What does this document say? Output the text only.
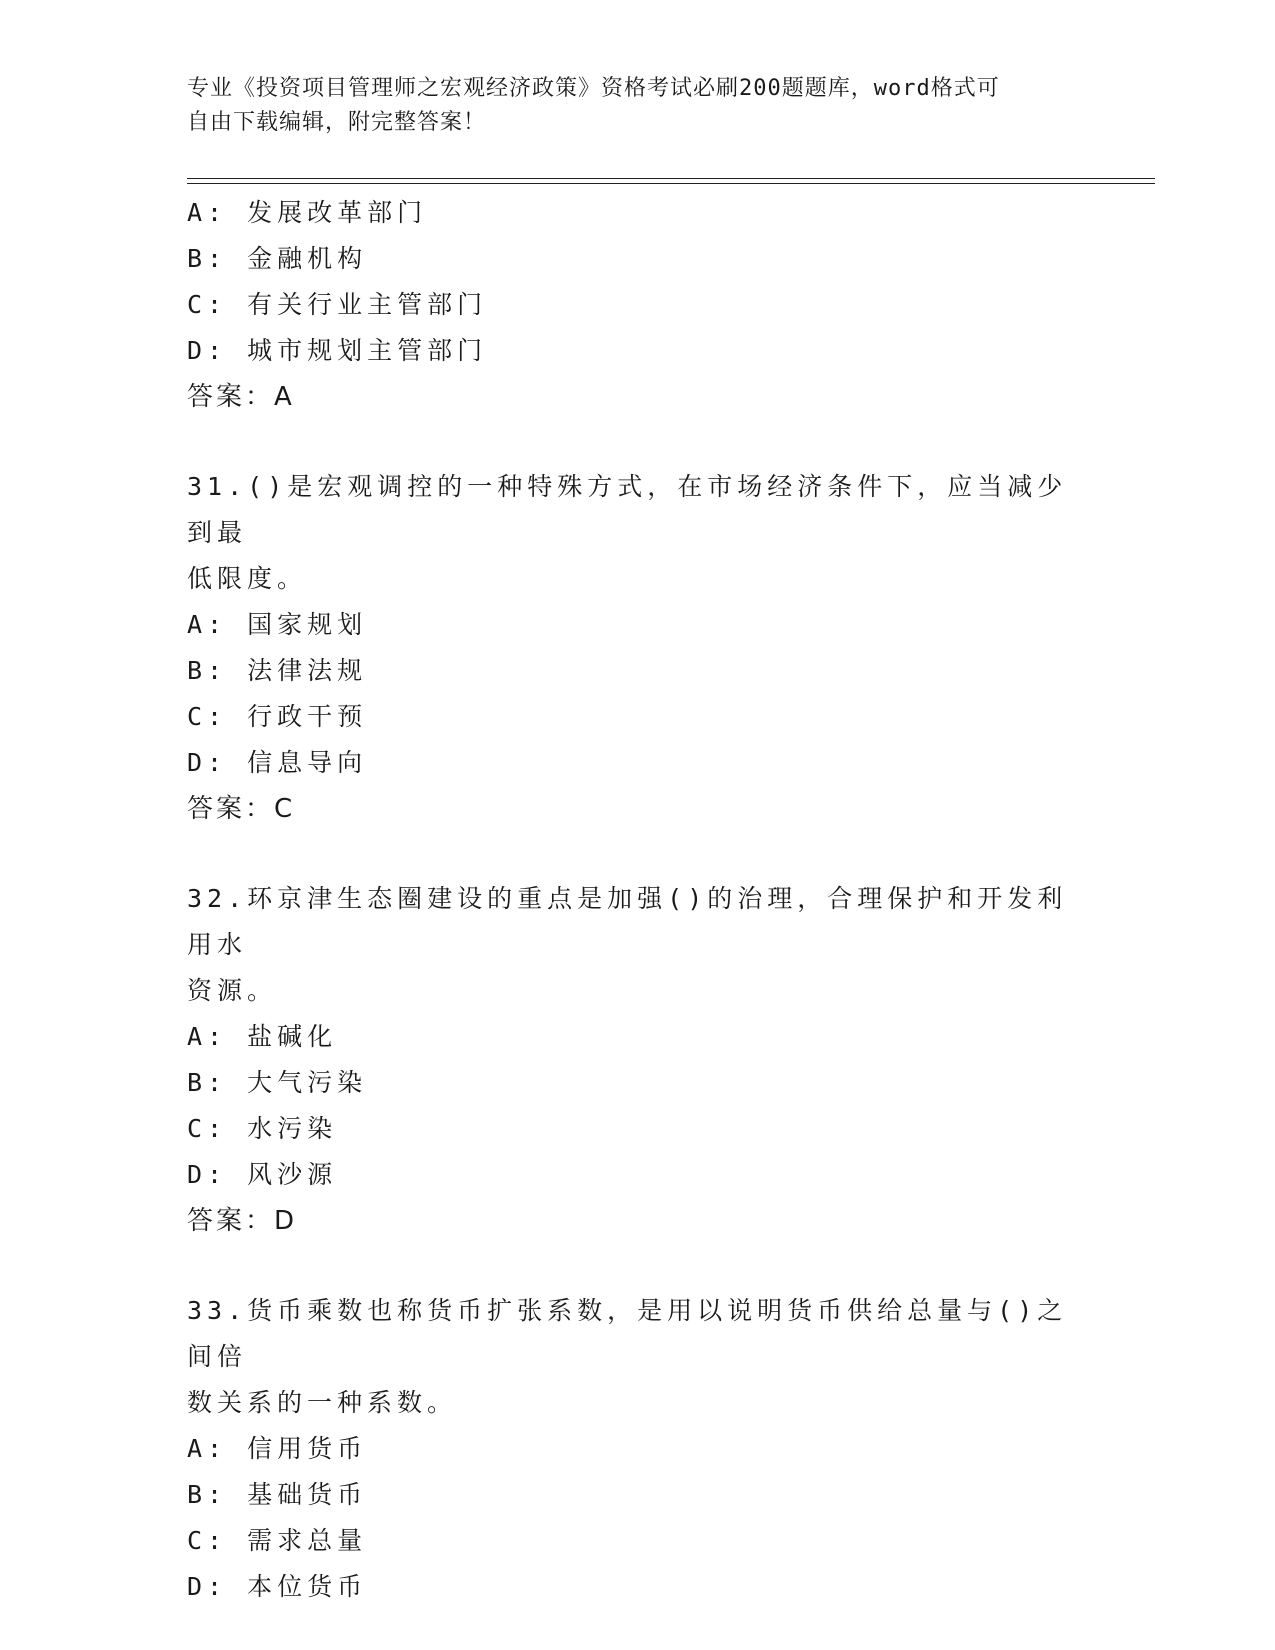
专业《投资项目管理师之宏观经济政策》资格考试必刷200题题库，word格式可
自由下载编辑，附完整答案！
A: 发展改革部门
B: 金融机构
C: 有关行业主管部门
D: 城市规划主管部门
答案：A
31.()是宏观调控的一种特殊方式，在市场经济条件下，应当减少到最
低限度。
A: 国家规划
B: 法律法规
C: 行政干预
D: 信息导向
答案：C
32.环京津生态圈建设的重点是加强()的治理，合理保护和开发利用水
资源。
A: 盐碱化
B: 大气污染
C: 水污染
D: 风沙源
答案：D
33.货币乘数也称货币扩张系数，是用以说明货币供给总量与()之间倍
数关系的一种系数。
A: 信用货币
B: 基础货币
C: 需求总量
D: 本位货币
